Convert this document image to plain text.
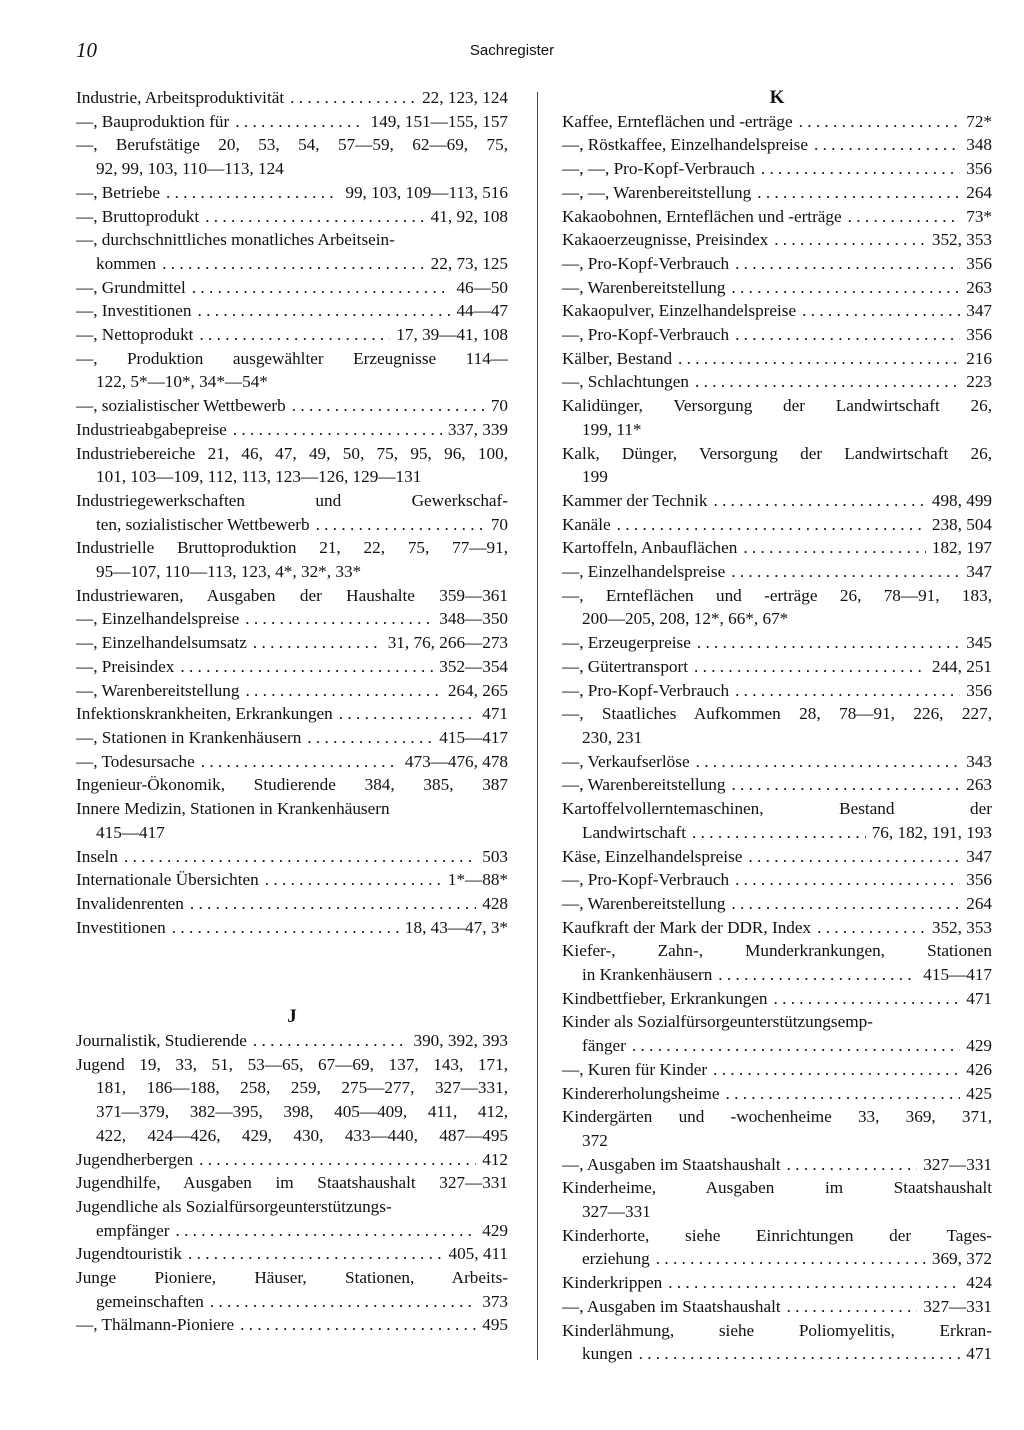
10	Sachregister
Industrie, Arbeitsproduktivität . . .	22, 123, 124
—, Bauproduktion für . . .	149, 151—155, 157
—, Berufstätige 20, 53, 54, 57—59, 62—69, 75,
92, 99, 103, 110—113, 124
—, Betriebe . . .	99, 103, 109—113, 516
—, Bruttoprodukt . . .	41, 92, 108
—, durchschnittliches monatliches Arbeitsein-
kommen . . .	22, 73, 125
—, Grundmittel . . .	46—50
—, Investitionen . . .	44—47
—, Nettoprodukt . . .	17, 39—41, 108
—, Produktion ausgewählter Erzeugnisse 114—
122, 5*—10*, 34*—54*
—, sozialistischer Wettbewerb . . .	70
Industrieabgabepreise . . .	337, 339
Industriebereiche 21, 46, 47, 49, 50, 75, 95, 96, 100,
101, 103—109, 112, 113, 123—126, 129—131
Industriegewerkschaften und Gewerkschaf-
ten, sozialistischer Wettbewerb . . .	70
Industrielle Bruttoproduktion 21, 22, 75, 77—91,
95—107, 110—113, 123, 4*, 32*, 33*
Industriewaren, Ausgaben der Haushalte 359—361
—, Einzelhandelspreise . . .	348—350
—, Einzelhandelsumsatz . . .	31, 76, 266—273
—, Preisindex . . .	352—354
—, Warenbereitstellung . . .	264, 265
Infektionskrankheiten, Erkrankungen . . .	471
—, Stationen in Krankenhäusern . . .	415—417
—, Todesursache . . .	473—476, 478
Ingenieur-Ökonomik, Studierende 384, 385, 387
Innere Medizin, Stationen in Krankenhäusern
415—417
Inseln . . .	503
Internationale Übersichten . . .	1*—88*
Invalidenrenten . . .	428
Investitionen . . .	18, 43—47, 3*
J
Journalistik, Studierende . . .	390, 392, 393
Jugend 19, 33, 51, 53—65, 67—69, 137, 143, 171,
181, 186—188, 258, 259, 275—277, 327—331,
371—379, 382—395, 398, 405—409, 411, 412,
422, 424—426, 429, 430, 433—440, 487—495
Jugendherbergen . . .	412
Jugendhilfe, Ausgaben im Staatshaushalt 327—331
Jugendliche als Sozialfürsorgeunterstützungs-
empfänger . . .	429
Jugendtouristik . . .	405, 411
Junge Pioniere, Häuser, Stationen, Arbeits-
gemeinschaften . . .	373
—, Thälmann-Pioniere . . .	495
K
Kaffee, Ernteflächen und -erträge . . .	72*
—, Röstkaffee, Einzelhandelspreise . . .	348
—, —, Pro-Kopf-Verbrauch . . .	356
—, —, Warenbereitstellung . . .	264
Kakaobohnen, Ernteflächen und -erträge . . .	73*
Kakaoerzeugnisse, Preisindex . . .	352, 353
—, Pro-Kopf-Verbrauch . . .	356
—, Warenbereitstellung . . .	263
Kakaopulver, Einzelhandelspreise . . .	347
—, Pro-Kopf-Verbrauch . . .	356
Kälber, Bestand . . .	216
—, Schlachtungen . . .	223
Kalidünger, Versorgung der Landwirtschaft 26,
199, 11*
Kalk, Dünger, Versorgung der Landwirtschaft 26,
199
Kammer der Technik . . .	498, 499
Kanäle . . .	238, 504
Kartoffeln, Anbauflächen . . .	182, 197
—, Einzelhandelspreise . . .	347
—, Ernteflächen und -erträge 26, 78—91, 183,
200—205, 208, 12*, 66*, 67*
—, Erzeugerpreise . . .	345
—, Gütertransport . . .	244, 251
—, Pro-Kopf-Verbrauch . . .	356
—, Staatliches Aufkommen 28, 78—91, 226, 227,
230, 231
—, Verkaufserlöse . . .	343
—, Warenbereitstellung . . .	263
Kartoffelvollerntemaschinen, Bestand der
Landwirtschaft . . .	76, 182, 191, 193
Käse, Einzelhandelspreise . . .	347
—, Pro-Kopf-Verbrauch . . .	356
—, Warenbereitstellung . . .	264
Kaufkraft der Mark der DDR, Index . . .	352, 353
Kiefer-, Zahn-, Munderkrankungen, Stationen
in Krankenhäusern . . .	415—417
Kindbettfieber, Erkrankungen . . .	471
Kinder als Sozialfürsorgeunterstützungsemp-
fänger . . .	429
—, Kuren für Kinder . . .	426
Kindererholungsheime . . .	425
Kindergärten und -wochenheime 33, 369, 371,
372
—, Ausgaben im Staatshaushalt . . .	327—331
Kinderheime, Ausgaben im Staatshaushalt
327—331
Kinderhorte, siehe Einrichtungen der Tages-
erziehung . . .	369, 372
Kinderkrippen . . .	424
—, Ausgaben im Staatshaushalt . . .	327—331
Kinderlähmung, siehe Poliomyelitis, Erkran-
kungen . . .	471
